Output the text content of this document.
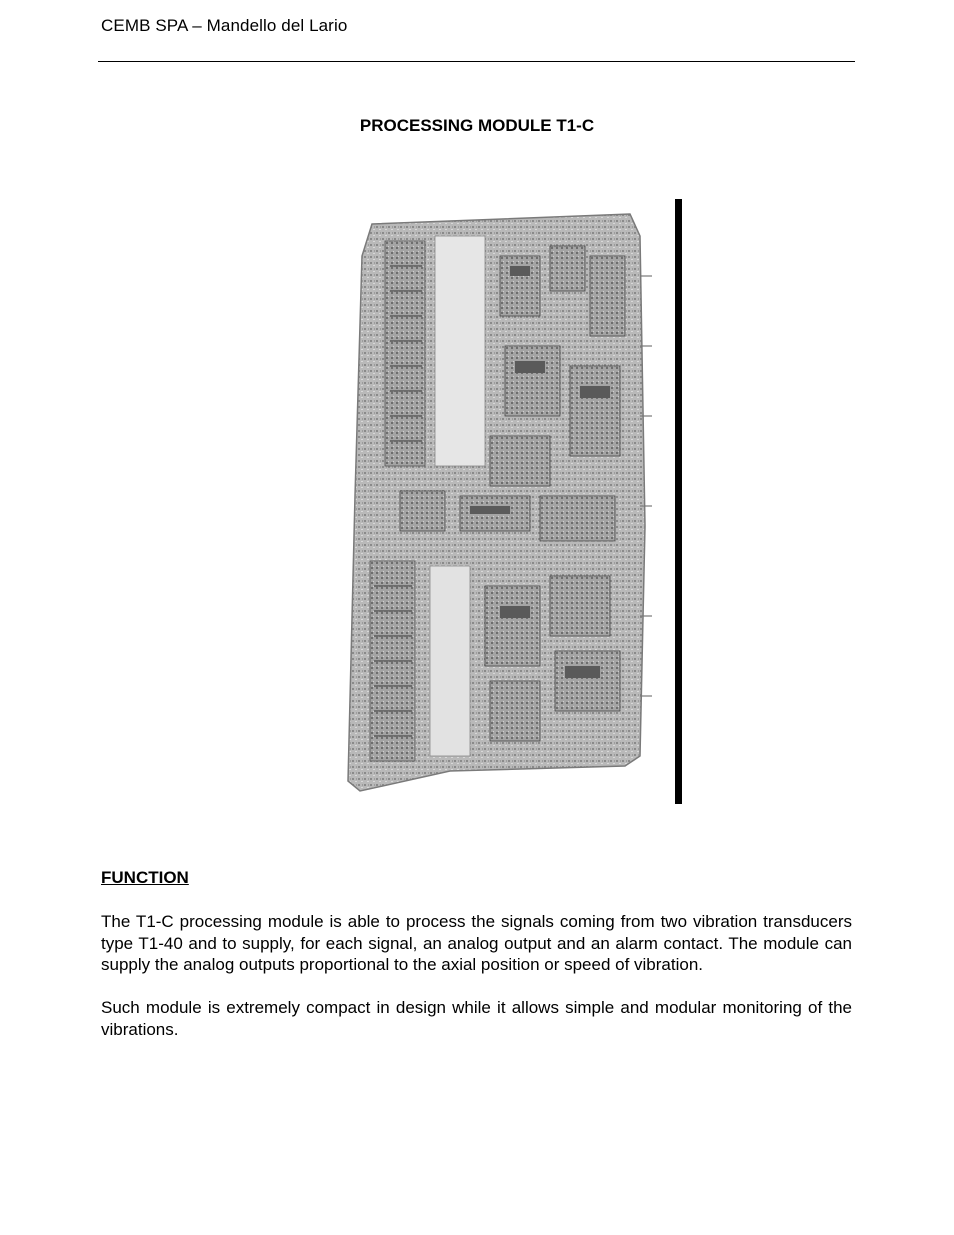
CEMB SPA – Mandello del Lario
PROCESSING MODULE T1-C
FUNCTION

The T1-C processing module is able to process the signals coming from two vibration transducers type T1-40 and to supply, for each signal, an analog output and an alarm contact. The module can supply the analog outputs proportional to the axial position or speed of vibration.

Such module is extremely compact in design while it allows simple and modular monitoring of the vibrations.
